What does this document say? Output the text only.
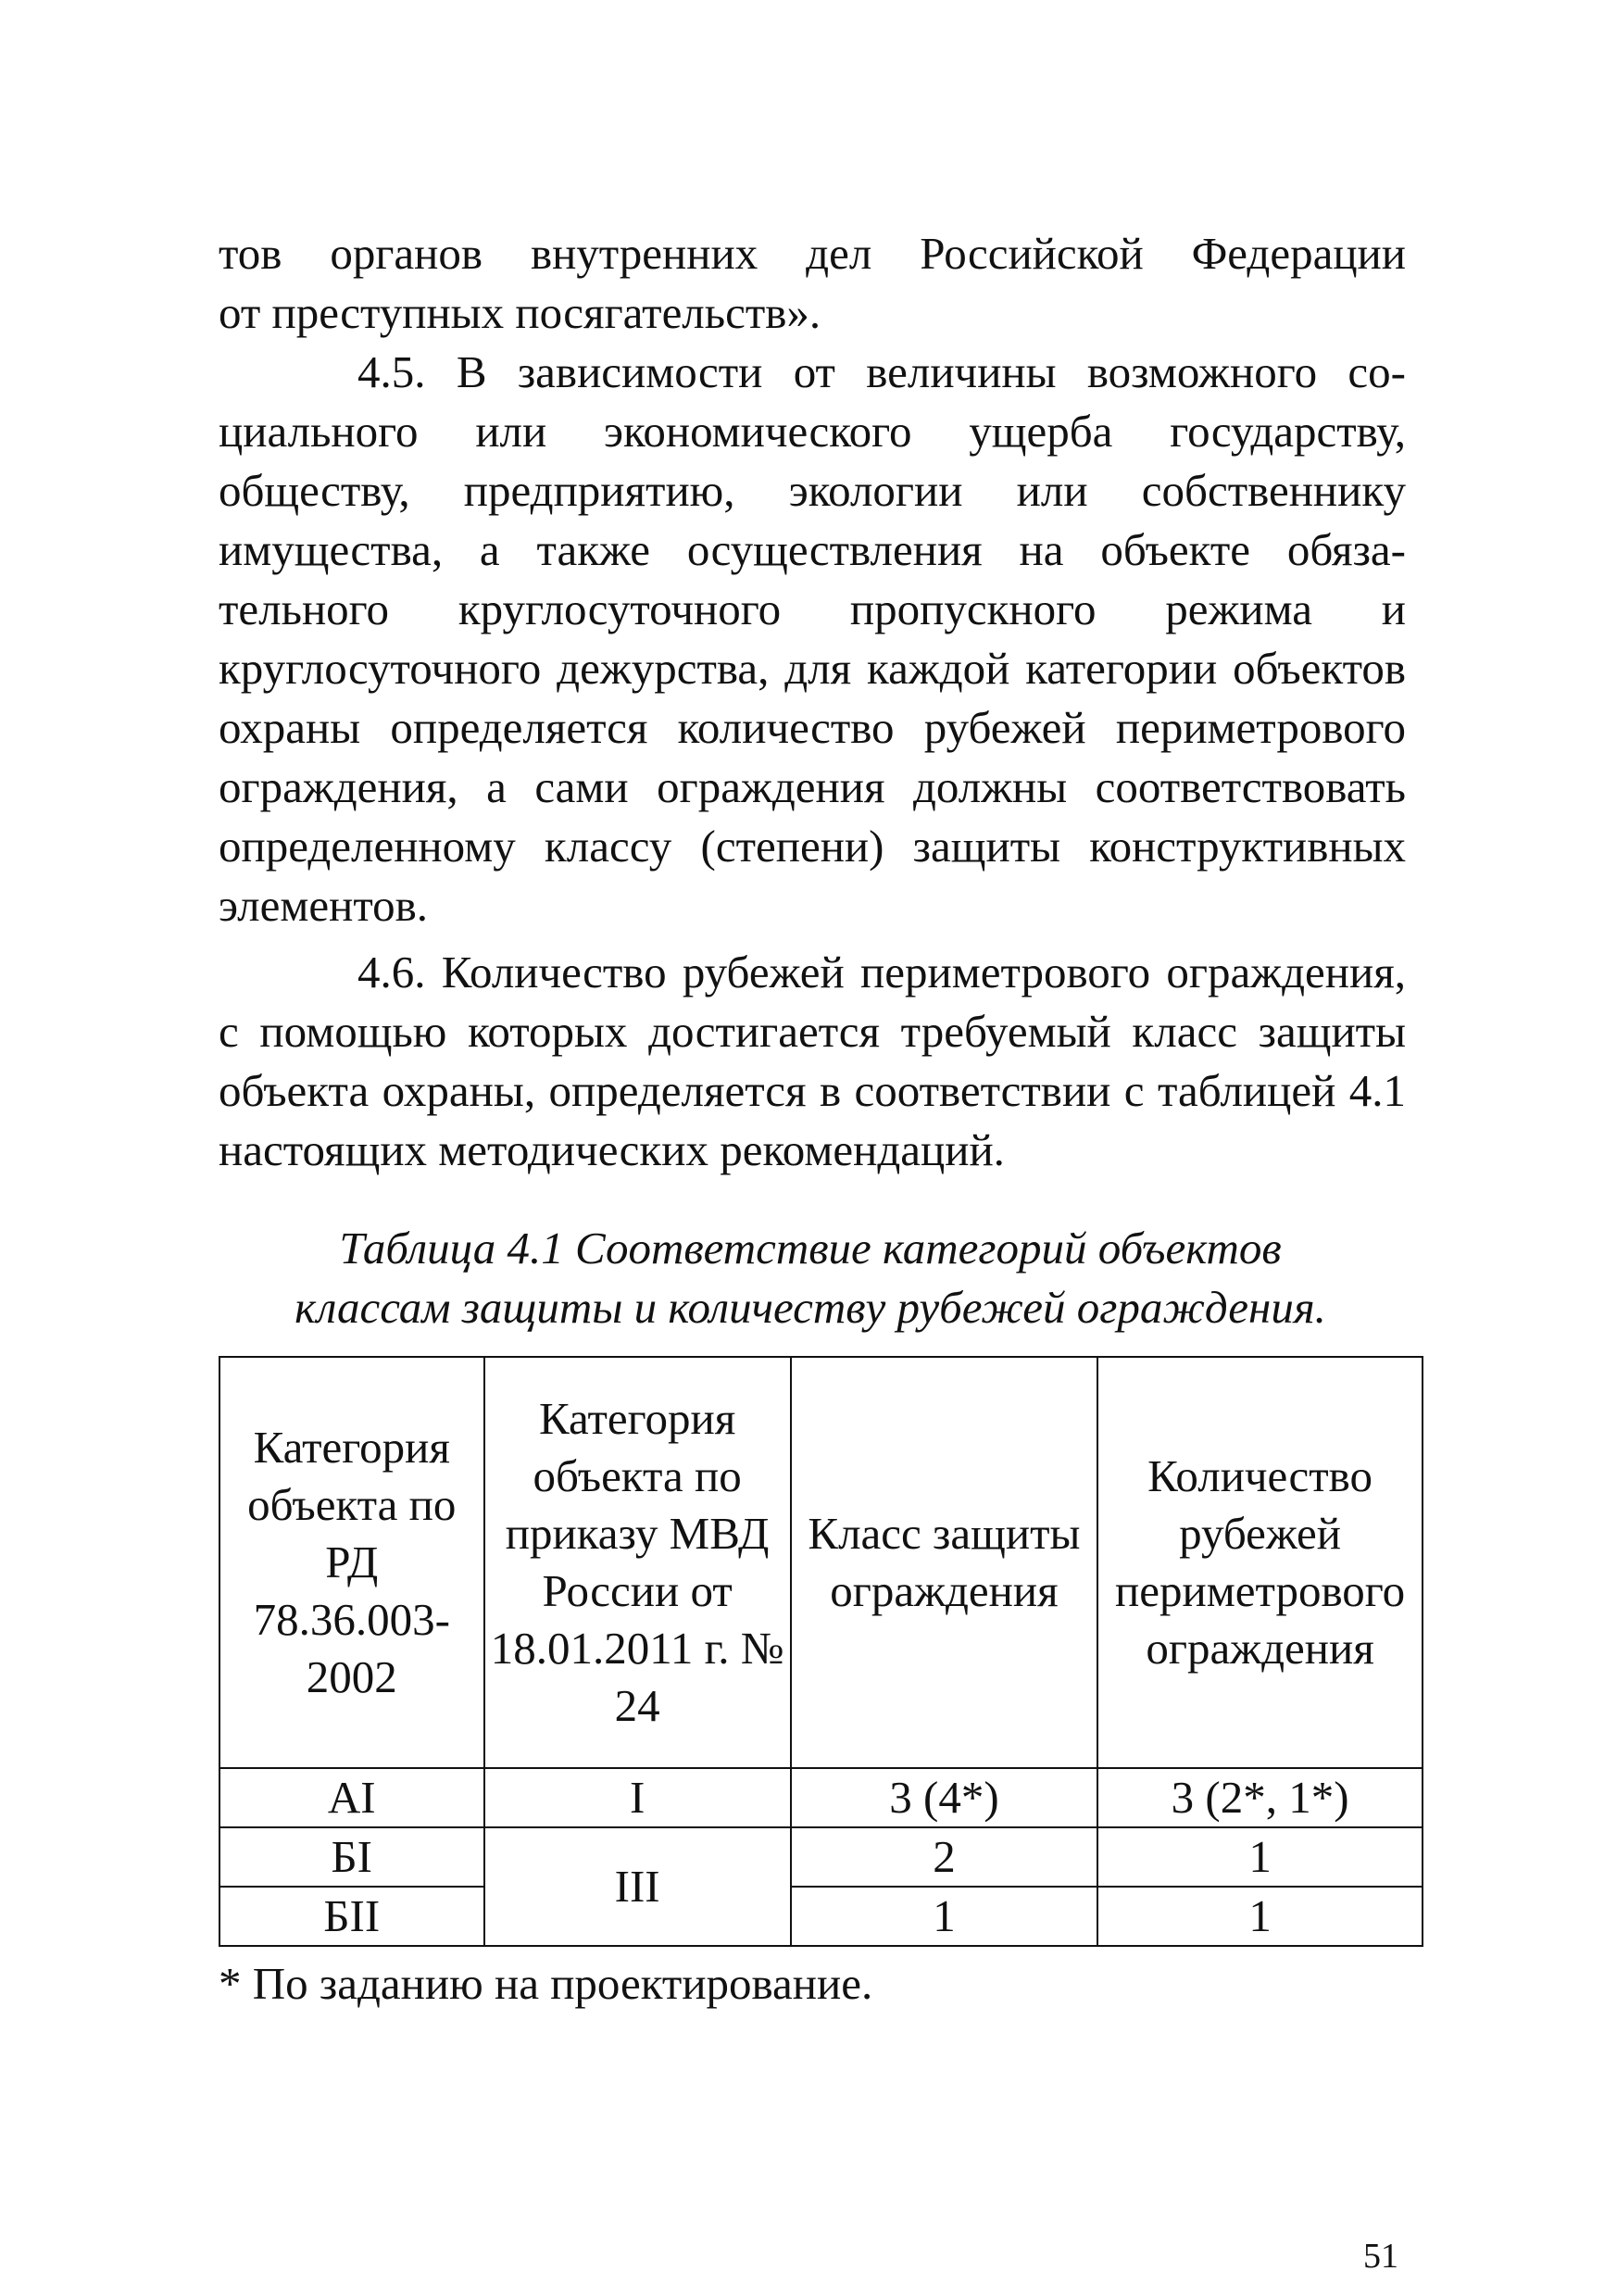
тов органов внутренних дел Российской Федерации

от преступных посягательств».

4.5. В зависимости от величины возможного социального или экономического ущерба государству, обществу, предприятию, экологии или собственнику имущества, а также осуществления на объекте обязательного круглосуточного пропускного режима и круглосуточного дежурства, для каждой категории объектов охраны определяется количество рубежей периметрового ограждения, а сами ограждения должны соответствовать определенному классу (степени) защиты конструктивных элементов.

4.6. Количество рубежей периметрового ограждения, с помощью которых достигается требуемый класс защиты объекта охраны, определяется в соответствии с таблицей 4.1 настоящих методических рекомендаций.

Таблица 4.1 Соответствие категорий объектов
классам защиты и количеству рубежей ограждения.
Категория объекта по РД 78.36.003-2002	Категория объекта по приказу МВД России от 18.01.2011 г. № 24	Класс защиты ограждения	Количество рубежей периметрового ограждения
АI	I	3 (4*)	3 (2*, 1*)
БI	III	2	1
БII		1	1
* По заданию на проектирование.
51
